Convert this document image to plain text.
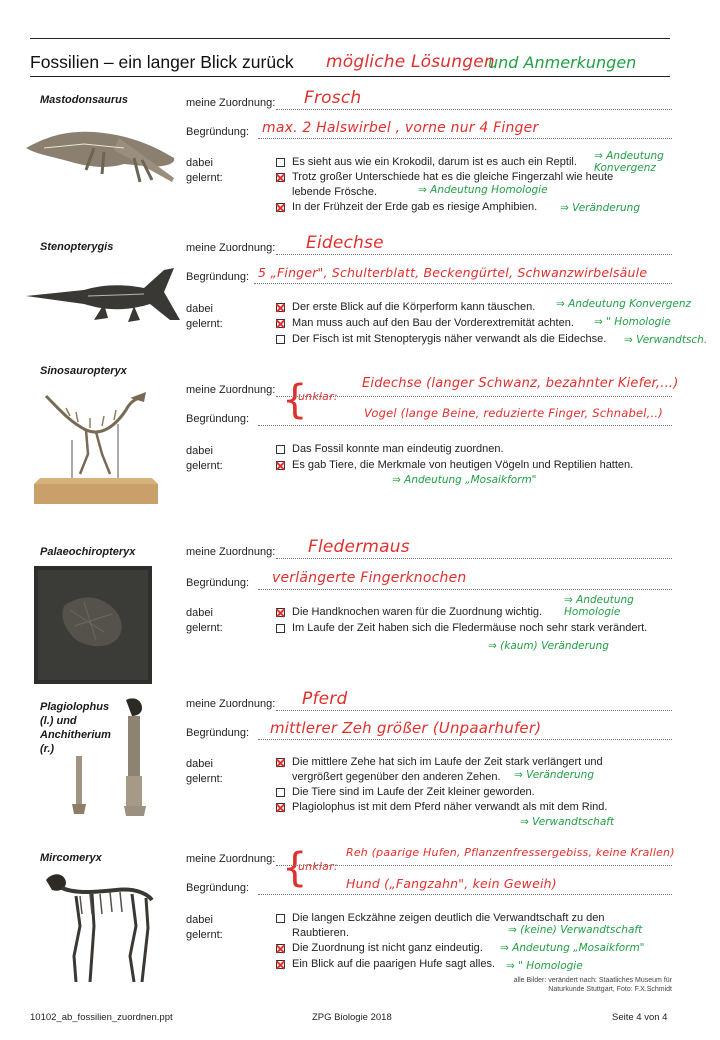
Fossilien – ein langer Blick zurück mögliche Lösungen
und Anmerkungen
Mastodonsaurus	meine Zuordnung: Frosch
Begründung: max. 2 Halswirbel , vorne nur 4 Finger
dabei
gelernt:
Es sieht aus wie ein Krokodil, darum ist es auch ein Reptil.
Trotz großer Unterschiede hat es die gleiche Fingerzahl wie heute lebende Frösche.
In der Frühzeit der Erde gab es riesige Amphibien.
⇒ Andeutung Konvergenz
⇒ Andeutung Homologie
⇒ Veränderung
Stenopterygis	meine Zuordnung: Eidechse
Begründung: 5 „Finger", Schulterblatt, Beckengürtel, Schwanzwirbelsäule
dabei
gelernt:
Der erste Blick auf die Körperform kann täuschen.
Man muss auch auf den Bau der Vorderextremität achten.
Der Fisch ist mit Stenopterygis näher verwandt als die Eidechse.
⇒ Andeutung Konvergenz
⇒ " Homologie
⇒ Verwandtsch.
Sinosauropteryx
{
unklar:
meine Zuordnung:	Eidechse (langer Schwanz, bezahnter Kiefer,...)
Begründung:	Vogel (lange Beine, reduzierte Finger, Schnabel,..)
dabei
gelernt:
Das Fossil konnte man eindeutig zuordnen.
Es gab Tiere, die Merkmale von heutigen Vögeln und Reptilien hatten.
⇒ Andeutung „Mosaikform"
Palaeochiropteryx	meine Zuordnung: Fledermaus
Begründung: verlängerte Fingerknochen
dabei
gelernt:
Die Handknochen waren für die Zuordnung wichtig.
Im Laufe der Zeit haben sich die Fledermäuse noch sehr stark verändert.
⇒ Andeutung Homologie
⇒ (kaum) Veränderung
Plagiolophus (l.) und Anchitherium (r.)
meine Zuordnung: Pferd
Begründung: mittlerer Zeh größer (Unpaarhufer)
dabei
gelernt:
Die mittlere Zehe hat sich im Laufe der Zeit stark verlängert und vergrößert gegenüber den anderen Zehen.
Die Tiere sind im Laufe der Zeit kleiner geworden.
Plagiolophus ist mit dem Pferd näher verwandt als mit dem Rind.
⇒ Veränderung
⇒ Verwandtschaft
Mircomeryx	{
unklar:
meine Zuordnung:	Reh (paarige Hufen, Pflanzenfressergebiss, keine Krallen)
Begründung:	Hund („Fangzahn", kein Geweih)
dabei
gelernt:
Die langen Eckzähne zeigen deutlich die Verwandtschaft zu den Raubtieren.
Die Zuordnung ist nicht ganz eindeutig.
Ein Blick auf die paarigen Hufe sagt alles.
⇒ (keine) Verwandtschaft
⇒ Andeutung „Mosaikform"
⇒ " Homologie
alle Bilder: verändert nach: Staatliches Museum für Naturkunde Stuttgart, Foto: F.X.Schmidt
10102_ab_fossilien_zuordnen.ppt	ZPG Biologie 2018	Seite 4 von 4
